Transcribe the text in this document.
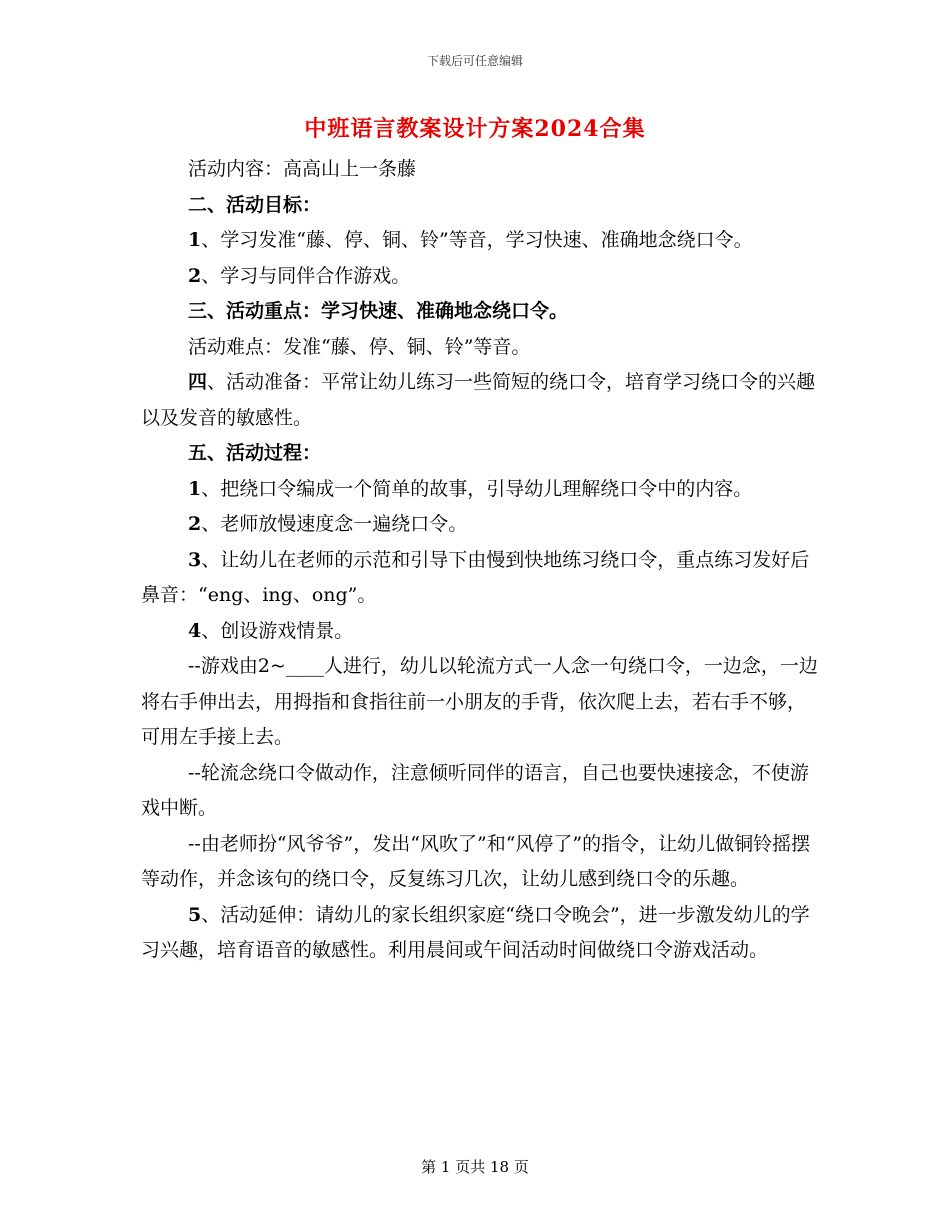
下载后可任意编辑
中班语言教案设计方案2024合集

活动内容：高高山上一条藤

二、活动目标：

1、学习发准“藤、停、铜、铃”等音，学习快速、准确地念绕口令。

2、学习与同伴合作游戏。

三、活动重点：学习快速、准确地念绕口令。

活动难点：发准“藤、停、铜、铃”等音。

四、活动准备：平常让幼儿练习一些简短的绕口令，培育学习绕口令的兴趣以及发音的敏感性。

五、活动过程：

1、把绕口令编成一个简单的故事，引导幼儿理解绕口令中的内容。

2、老师放慢速度念一遍绕口令。

3、让幼儿在老师的示范和引导下由慢到快地练习绕口令，重点练习发好后鼻音：“eng、ing、ong”。

4、创设游戏情景。

--游戏由2~____人进行，幼儿以轮流方式一人念一句绕口令，一边念，一边将右手伸出去，用拇指和食指往前一小朋友的手背，依次爬上去，若右手不够，可用左手接上去。

--轮流念绕口令做动作，注意倾听同伴的语言，自己也要快速接念，不使游戏中断。

--由老师扮“风爷爷”，发出“风吹了”和“风停了”的指令，让幼儿做铜铃摇摆等动作，并念该句的绕口令，反复练习几次，让幼儿感到绕口令的乐趣。

5、活动延伸：请幼儿的家长组织家庭“绕口令晚会”，进一步激发幼儿的学习兴趣，培育语音的敏感性。利用晨间或午间活动时间做绕口令游戏活动。

第 1 页共 18 页
